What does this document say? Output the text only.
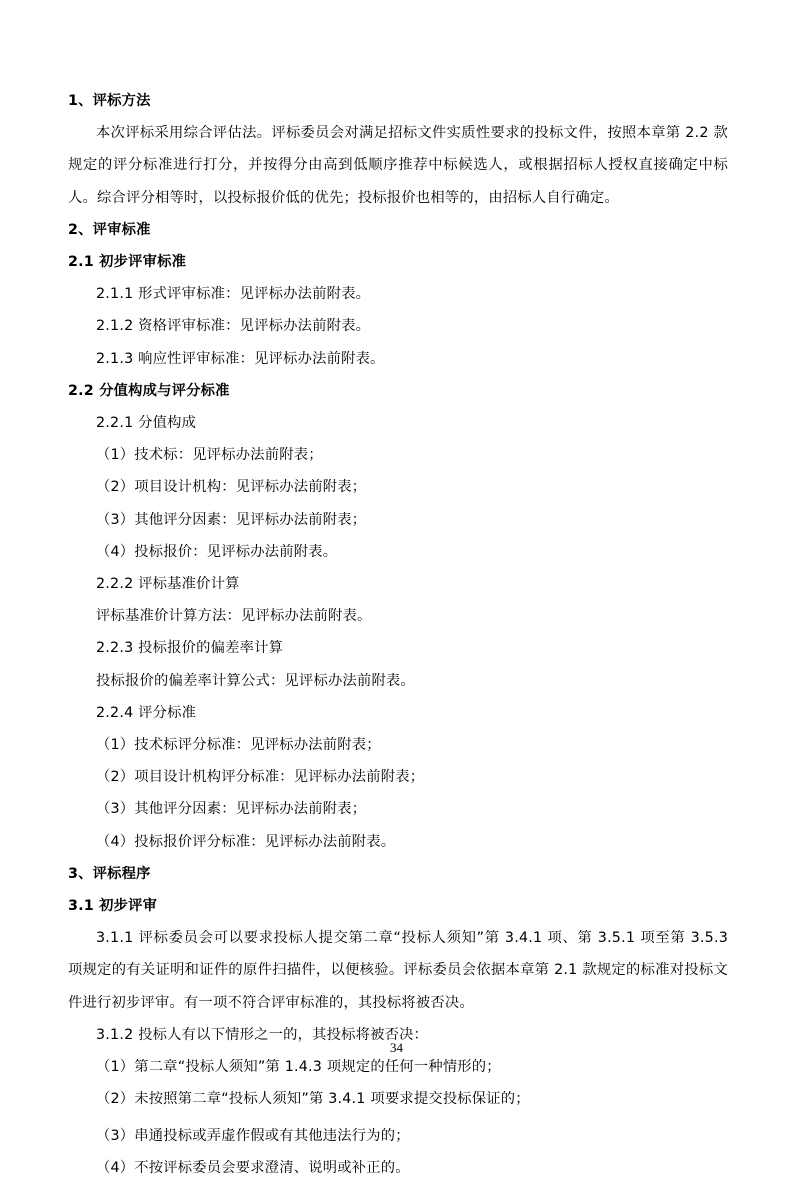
1、评标方法
本次评标采用综合评估法。评标委员会对满足招标文件实质性要求的投标文件，按照本章第 2.2 款规定的评分标准进行打分，并按得分由高到低顺序推荐中标候选人，或根据招标人授权直接确定中标人。综合评分相等时，以投标报价低的优先；投标报价也相等的，由招标人自行确定。
2、评审标准
2.1 初步评审标准
2.1.1 形式评审标准：见评标办法前附表。
2.1.2 资格评审标准：见评标办法前附表。
2.1.3 响应性评审标准：见评标办法前附表。
2.2 分值构成与评分标准
2.2.1 分值构成
（1）技术标：见评标办法前附表；
（2）项目设计机构：见评标办法前附表；
（3）其他评分因素：见评标办法前附表；
（4）投标报价：见评标办法前附表。
2.2.2 评标基准价计算
评标基准价计算方法：见评标办法前附表。
2.2.3 投标报价的偏差率计算
投标报价的偏差率计算公式：见评标办法前附表。
2.2.4 评分标准
（1）技术标评分标准：见评标办法前附表；
（2）项目设计机构评分标准：见评标办法前附表；
（3）其他评分因素：见评标办法前附表；
（4）投标报价评分标准：见评标办法前附表。
3、评标程序
3.1 初步评审
3.1.1 评标委员会可以要求投标人提交第二章“投标人须知”第 3.4.1 项、第 3.5.1 项至第 3.5.3 项规定的有关证明和证件的原件扫描件，以便核验。评标委员会依据本章第 2.1 款规定的标准对投标文件进行初步评审。有一项不符合评审标准的，其投标将被否决。
3.1.2 投标人有以下情形之一的，其投标将被否决：
（1）第二章“投标人须知”第 1.4.3 项规定的任何一种情形的；
（2）未按照第二章“投标人须知”第 3.4.1 项要求提交投标保证的；
（3）串通投标或弄虚作假或有其他违法行为的；
（4）不按评标委员会要求澄清、说明或补正的。
34
